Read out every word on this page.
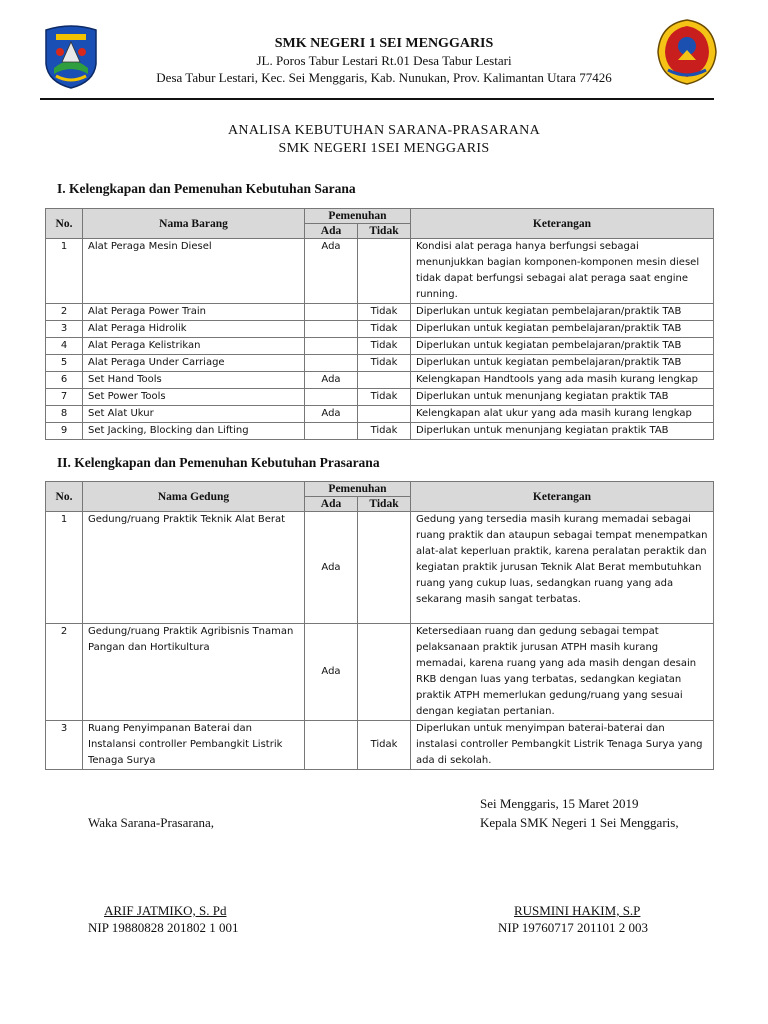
SMK NEGERI 1 SEI MENGGARIS
JL. Poros Tabur Lestari Rt.01 Desa Tabur Lestari
Desa Tabur Lestari, Kec. Sei Menggaris, Kab. Nunukan, Prov. Kalimantan Utara 77426
ANALISA KEBUTUHAN SARANA-PRASARANA
SMK NEGERI 1SEI MENGGARIS
I. Kelengkapan dan Pemenuhan Kebutuhan Sarana
No.	Nama Barang	Pemenuhan		Keterangan
		Ada	Tidak	
1	Alat Peraga Mesin Diesel	Ada		Kondisi alat peraga hanya berfungsi sebagai menunjukkan bagian komponen-komponen mesin diesel tidak dapat berfungsi sebagai alat peraga saat engine running.
2	Alat Peraga Power Train		Tidak	Diperlukan untuk kegiatan pembelajaran/praktik TAB
3	Alat Peraga Hidrolik		Tidak	Diperlukan untuk kegiatan pembelajaran/praktik TAB
4	Alat Peraga Kelistrikan		Tidak	Diperlukan untuk kegiatan pembelajaran/praktik TAB
5	Alat Peraga Under Carriage		Tidak	Diperlukan untuk kegiatan pembelajaran/praktik TAB
6	Set Hand Tools	Ada		Kelengkapan Handtools yang ada masih kurang lengkap
7	Set Power Tools		Tidak	Diperlukan untuk menunjang kegiatan praktik TAB
8	Set Alat Ukur	Ada		Kelengkapan alat ukur yang ada masih kurang lengkap
9	Set Jacking, Blocking dan Lifting		Tidak	Diperlukan untuk menunjang kegiatan praktik TAB
II. Kelengkapan dan Pemenuhan Kebutuhan Prasarana
No.	Nama Gedung	Pemenuhan		Keterangan
		Ada	Tidak	
1	Gedung/ruang Praktik Teknik Alat Berat	Ada		Gedung yang tersedia masih kurang memadai sebagai ruang praktik dan ataupun sebagai tempat menempatkan alat-alat keperluan praktik, karena peralatan peraktik dan kegiatan praktik jurusan Teknik Alat Berat membutuhkan ruang yang cukup luas, sedangkan ruang yang ada sekarang masih sangat terbatas.
2	Gedung/ruang Praktik Agribisnis Tnaman Pangan dan Hortikultura	Ada		Ketersediaan ruang dan gedung sebagai tempat pelaksanaan praktik jurusan ATPH masih kurang memadai, karena ruang yang ada masih dengan desain RKB dengan luas yang terbatas, sedangkan kegiatan praktik ATPH memerlukan gedung/ruang yang sesuai dengan kegiatan pertanian.
3	Ruang Penyimpanan Baterai dan Instalansi controller Pembangkit Listrik Tenaga Surya		Tidak	Diperlukan untuk menyimpan baterai-baterai dan instalasi controller Pembangkit Listrik Tenaga Surya yang ada di sekolah.
Sei Menggaris, 15 Maret 2019
Waka Sarana-Prasarana,	Kepala SMK Negeri 1 Sei Menggaris,
ARIF JATMIKO, S. Pd
NIP 19880828 201802 1 001
RUSMINI HAKIM, S.P
NIP 19760717 201101 2 003
